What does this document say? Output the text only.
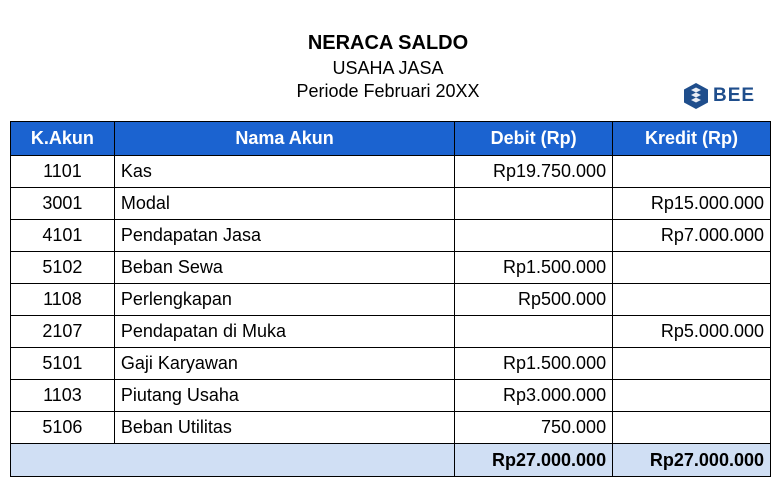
NERACA SALDO
USAHA JASA
Periode Februari 20XX	BEE
K.Akun	Nama Akun	Debit (Rp)	Kredit (Rp)
1101	Kas	Rp19.750.000	
3001	Modal		Rp15.000.000
4101	Pendapatan Jasa		Rp7.000.000
5102	Beban Sewa	Rp1.500.000	
1108	Perlengkapan	Rp500.000	
2107	Pendapatan di Muka		Rp5.000.000
5101	Gaji Karyawan	Rp1.500.000	
1103	Piutang Usaha	Rp3.000.000	
5106	Beban Utilitas	750.000	
		Rp27.000.000	Rp27.000.000
